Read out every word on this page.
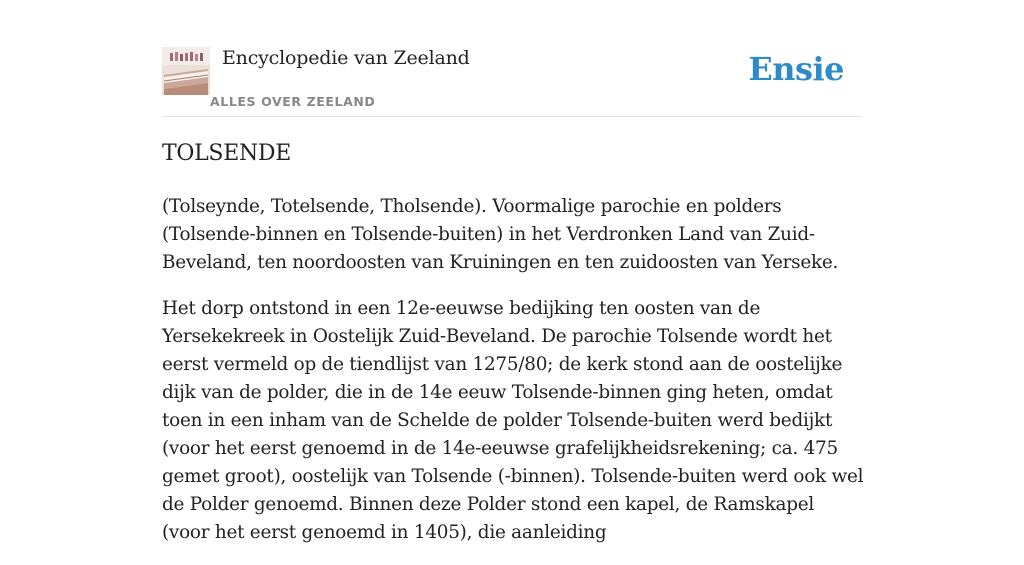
Encyclopedie van Zeeland
ALLES OVER ZEELAND
Ensie
TOLSENDE

(Tolseynde, Totelsende, Tholsende). Voormalige parochie en polders (Tolsende-binnen en Tolsende-buiten) in het Verdronken Land van Zuid-Beveland, ten noordoosten van Kruiningen en ten zuidoosten van Yerseke.

Het dorp ontstond in een 12e-eeuwse bedijking ten oosten van de Yersekekreek in Oostelijk Zuid-Beveland. De parochie Tolsende wordt het eerst vermeld op de tiendlijst van 1275/80; de kerk stond aan de oostelijke dijk van de polder, die in de 14e eeuw Tolsende-binnen ging heten, omdat toen in een inham van de Schelde de polder Tolsende-buiten werd bedijkt (voor het eerst genoemd in de 14e-eeuwse grafelijkheidsrekening; ca. 475 gemet groot), oostelijk van Tolsende (-binnen). Tolsende-buiten werd ook wel de Polder genoemd. Binnen deze Polder stond een kapel, de Ramskapel (voor het eerst genoemd in 1405), die aanleiding
